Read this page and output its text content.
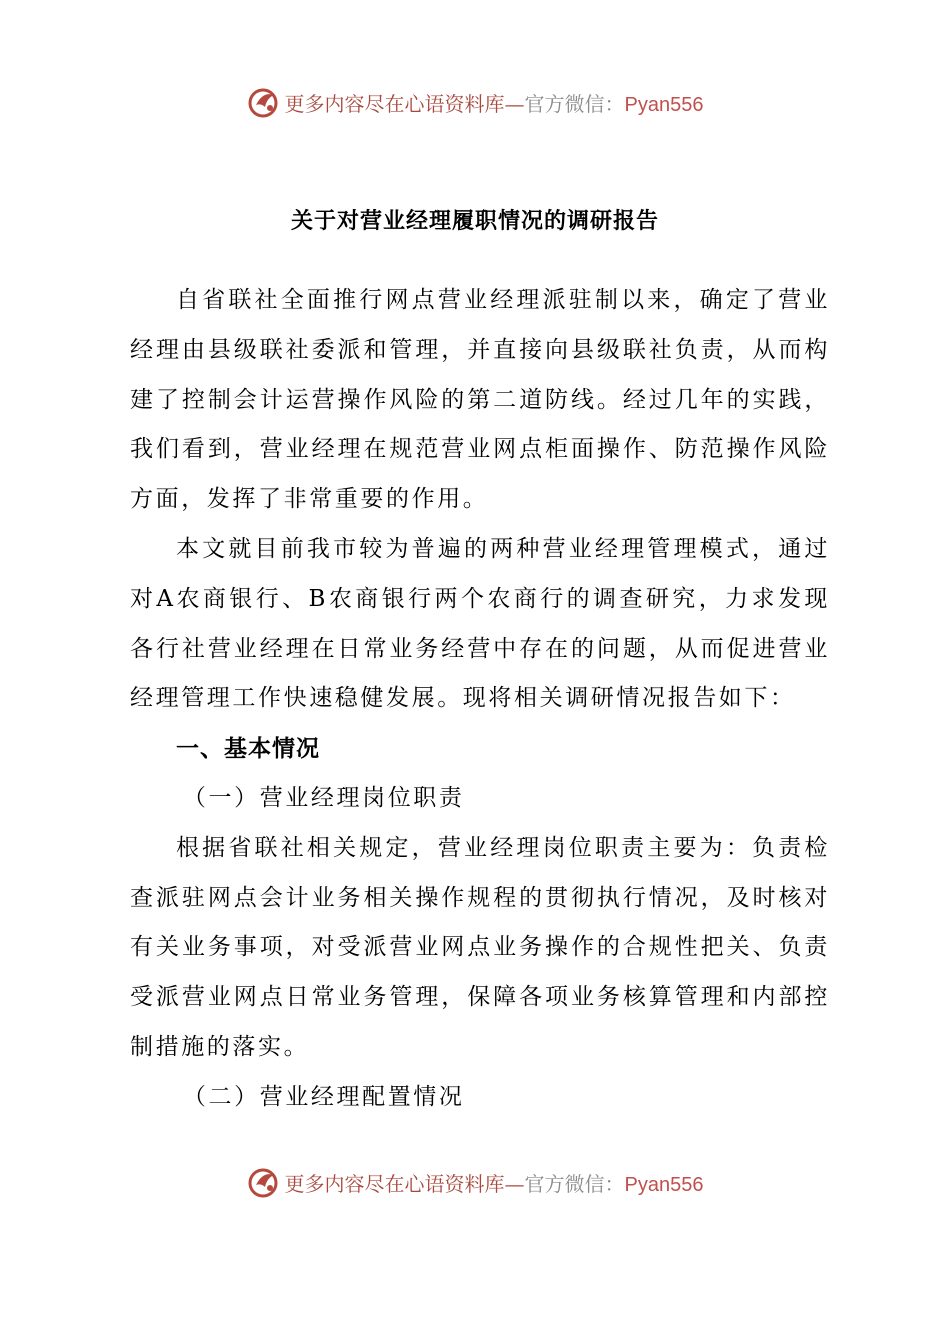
更多内容尽在心语资料库—官方微信：Pyan556
关于对营业经理履职情况的调研报告

自省联社全面推行网点营业经理派驻制以来，确定了营业经理由县级联社委派和管理，并直接向县级联社负责，从而构建了控制会计运营操作风险的第二道防线。经过几年的实践，我们看到，营业经理在规范营业网点柜面操作、防范操作风险方面，发挥了非常重要的作用。

本文就目前我市较为普遍的两种营业经理管理模式，通过对A农商银行、B农商银行两个农商行的调查研究，力求发现各行社营业经理在日常业务经营中存在的问题，从而促进营业经理管理工作快速稳健发展。现将相关调研情况报告如下：

一、基本情况

（一）营业经理岗位职责

根据省联社相关规定，营业经理岗位职责主要为：负责检查派驻网点会计业务相关操作规程的贯彻执行情况，及时核对有关业务事项，对受派营业网点业务操作的合规性把关、负责受派营业网点日常业务管理，保障各项业务核算管理和内部控制措施的落实。

（二）营业经理配置情况

更多内容尽在心语资料库—官方微信：Pyan556
